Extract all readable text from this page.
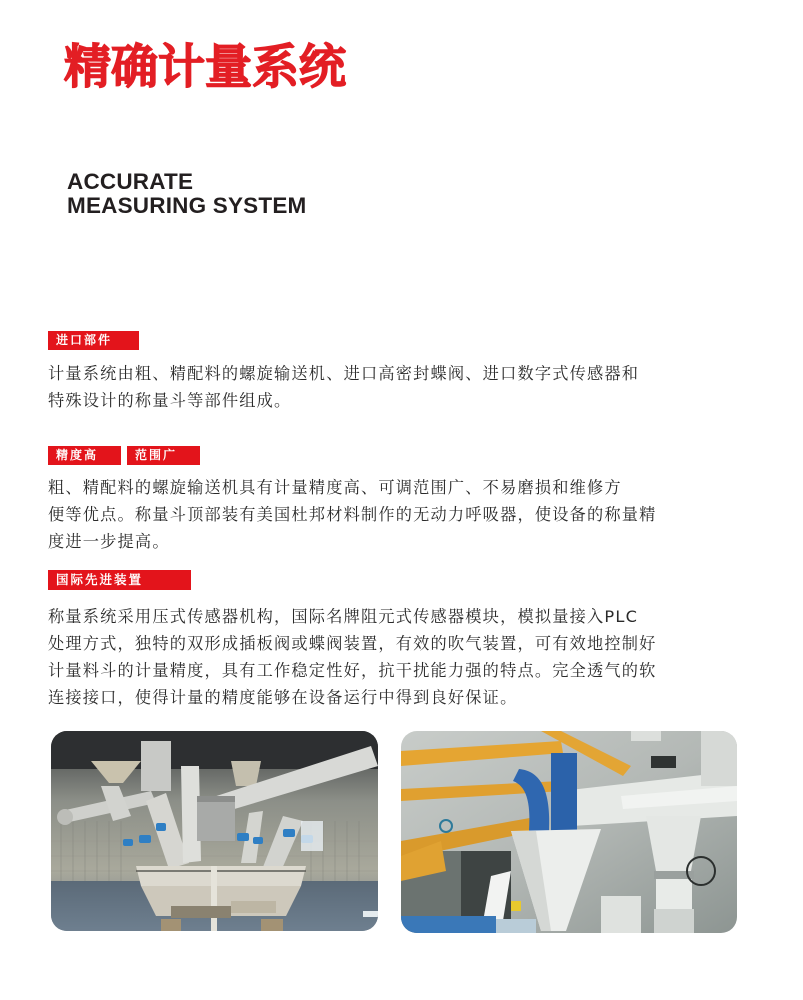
精确计量系统
ACCURATE
MEASURING SYSTEM
进口部件

计量系统由粗、精配料的螺旋输送机、进口高密封蝶阀、进口数字式传感器和
特殊设计的称量斗等部件组成。

精度高	范围广

粗、精配料的螺旋输送机具有计量精度高、可调范围广、不易磨损和维修方
便等优点。称量斗顶部装有美国杜邦材料制作的无动力呼吸器，使设备的称量精
度进一步提高。

国际先进装置

称量系统采用压式传感器机构，国际名牌阻元式传感器模块，模拟量接入PLC
处理方式，独特的双形成插板阀或蝶阀装置，有效的吹气装置，可有效地控制好
计量料斗的计量精度，具有工作稳定性好，抗干扰能力强的特点。完全透气的软
连接接口，使得计量的精度能够在设备运行中得到良好保证。
